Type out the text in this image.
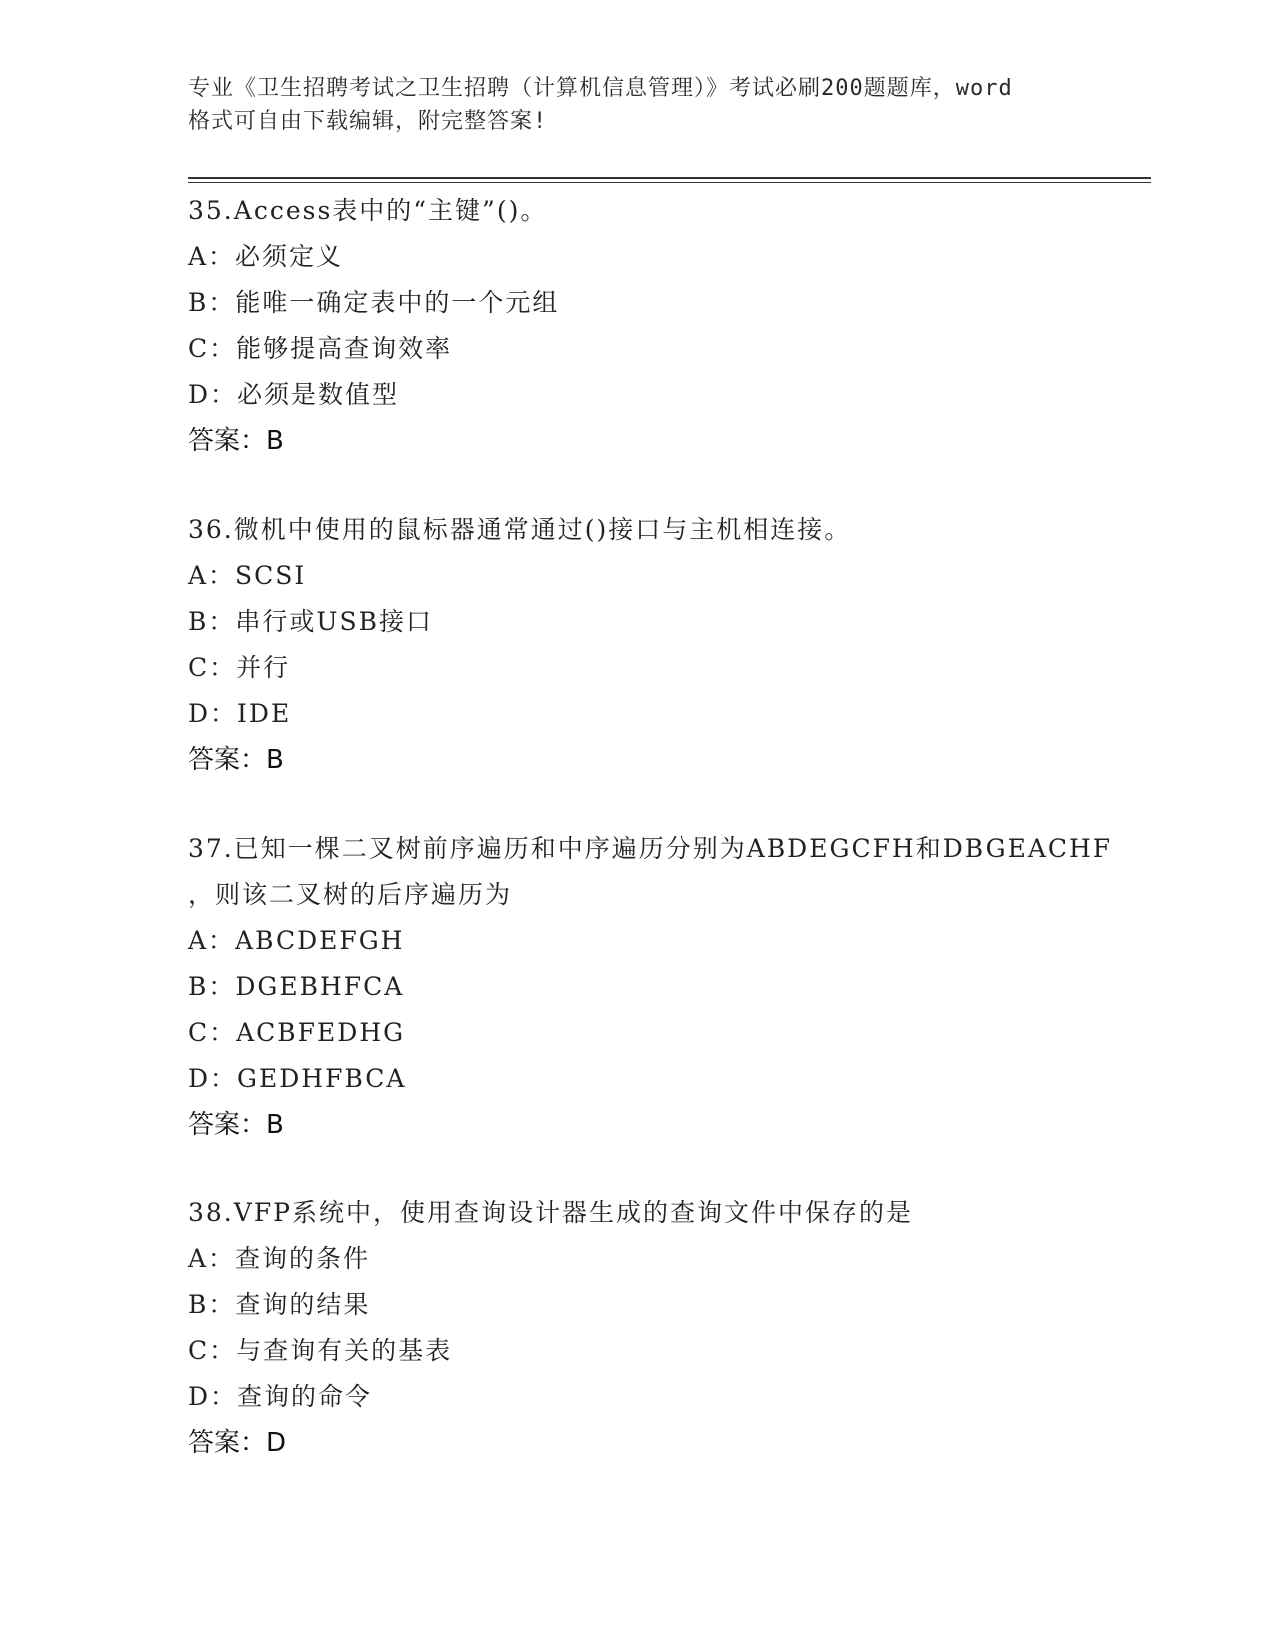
专业《卫生招聘考试之卫生招聘（计算机信息管理）》考试必刷200题题库，word
格式可自由下载编辑，附完整答案!
35.Access表中的“主键”()。
A：必须定义
B：能唯一确定表中的一个元组
C：能够提高查询效率
D：必须是数值型
答案：B
36.微机中使用的鼠标器通常通过()接口与主机相连接。
A：SCSI
B：串行或USB接口
C：并行
D：IDE
答案：B
37.已知一棵二叉树前序遍历和中序遍历分别为ABDEGCFH和DBGEACHF
，则该二叉树的后序遍历为
A：ABCDEFGH
B：DGEBHFCA
C：ACBFEDHG
D：GEDHFBCA
答案：B
38.VFP系统中，使用查询设计器生成的查询文件中保存的是
A：查询的条件
B：查询的结果
C：与查询有关的基表
D：查询的命令
答案：D
